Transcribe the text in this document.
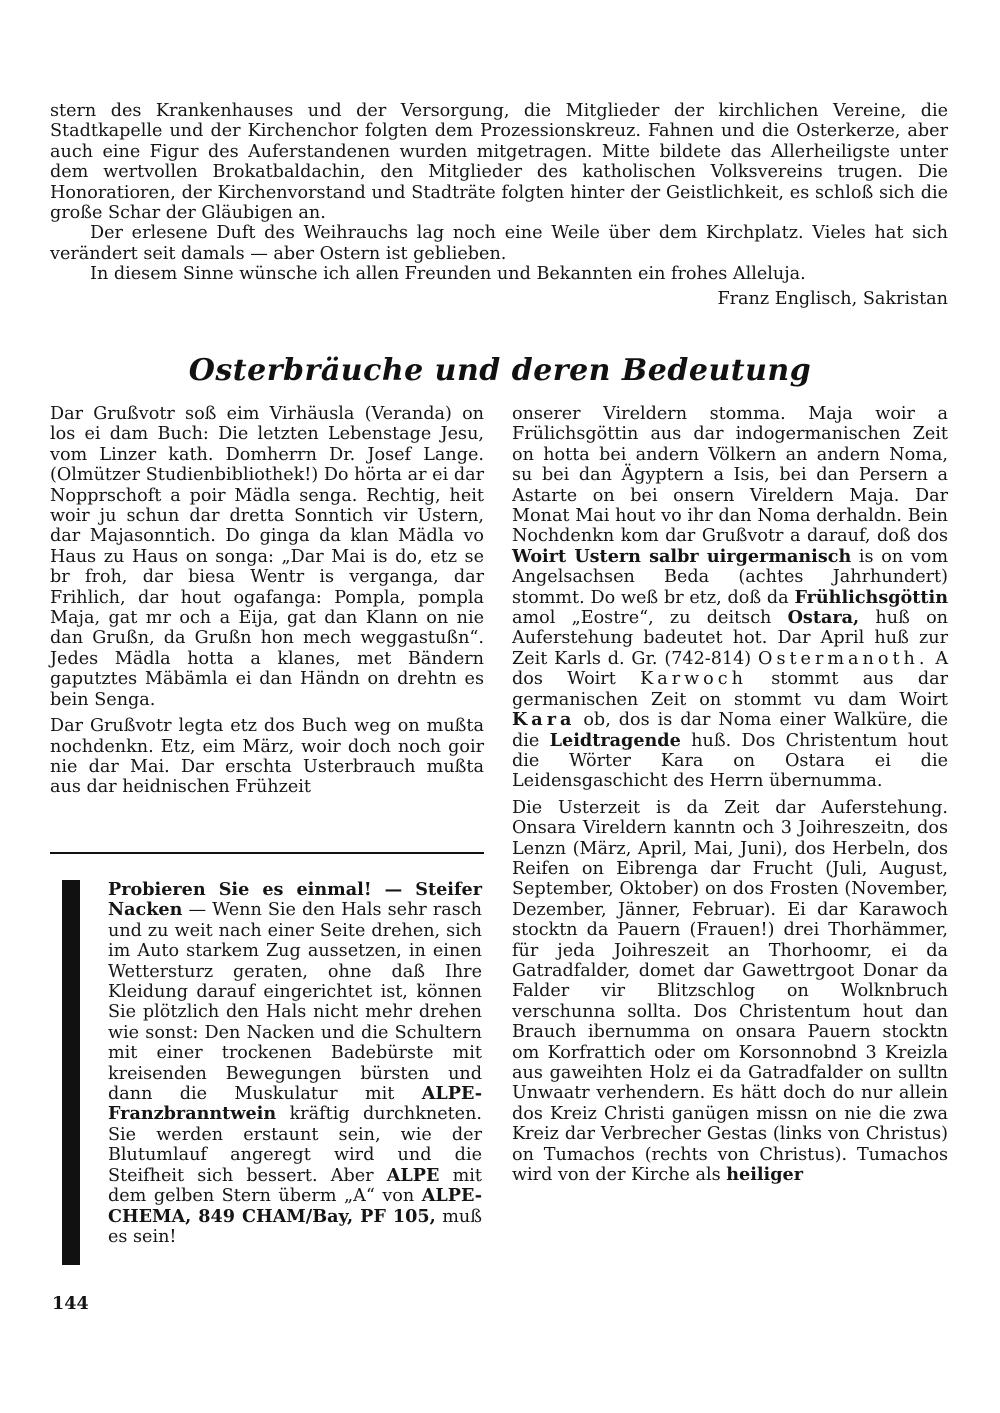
stern des Krankenhauses und der Versorgung, die Mitglieder der kirchlichen Vereine, die Stadtkapelle und der Kirchenchor folgten dem Prozessionskreuz. Fahnen und die Osterkerze, aber auch eine Figur des Auferstandenen wurden mitgetragen. Mitte bildete das Allerheiligste unter dem wertvollen Brokatbaldachin, den Mitglieder des katholischen Volksvereins trugen. Die Honoratioren, der Kirchenvorstand und Stadträte folgten hinter der Geistlichkeit, es schloß sich die große Schar der Gläubigen an.

Der erlesene Duft des Weihrauchs lag noch eine Weile über dem Kirchplatz. Vieles hat sich verändert seit damals — aber Ostern ist geblieben.

In diesem Sinne wünsche ich allen Freunden und Bekannten ein frohes Alleluja.

Franz Englisch, Sakristan

Osterbräuche und deren Bedeutung

Dar Grußvotr soß eim Virhäusla (Veranda) on los ei dam Buch: Die letzten Lebenstage Jesu, vom Linzer kath. Domherrn Dr. Josef Lange. (Olmützer Studienbibliothek!) Do hörta ar ei dar Nopprschoft a poir Mädla senga. Rechtig, heit woir ju schun dar dretta Sonntich vir Ustern, dar Majasonntich. Do ginga da klan Mädla vo Haus zu Haus on songa: „Dar Mai is do, etz se br froh, dar biesa Wentr is verganga, dar Frihlich, dar hout ogafanga: Pompla, pompla Maja, gat mr och a Eija, gat dan Klann on nie dan Grußn, da Grußn hon mech weggastußn“. Jedes Mädla hotta a klanes, met Bändern gaputztes Mäbämla ei dan Händn on drehtn es bein Senga.

Dar Grußvotr legta etz dos Buch weg on mußta nochdenkn. Etz, eim März, woir doch noch goir nie dar Mai. Dar erschta Usterbrauch mußta aus dar heidnischen Frühzeit

Probieren Sie es einmal! — Steifer Nacken — Wenn Sie den Hals sehr rasch und zu weit nach einer Seite drehen, sich im Auto starkem Zug aussetzen, in einen Wettersturz geraten, ohne daß Ihre Kleidung darauf eingerichtet ist, können Sie plötzlich den Hals nicht mehr drehen wie sonst: Den Nacken und die Schultern mit einer trockenen Badebürste mit kreisenden Bewegungen bürsten und dann die Muskulatur mit ALPE-Franzbranntwein kräftig durchkneten. Sie werden erstaunt sein, wie der Blutumlauf angeregt wird und die Steifheit sich bessert. Aber ALPE mit dem gelben Stern überm „A“ von ALPE-CHEMA, 849 CHAM/Bay, PF 105, muß es sein!

onserer Vireldern stomma. Maja woir a Frülichsgöttin aus dar indogermanischen Zeit on hotta bei andern Völkern an andern Noma, su bei dan Ägyptern a Isis, bei dan Persern a Astarte on bei onsern Vireldern Maja. Dar Monat Mai hout vo ihr dan Noma derhaldn. Bein Nochdenkn kom dar Grußvotr a darauf, doß dos Woirt Ustern salbr uirgermanisch is on vom Angelsachsen Beda (achtes Jahrhundert) stommt. Do weß br etz, doß da Frühlichsgöttin amol „Eostre“, zu deitsch Ostara, huß on Auferstehung badeutet hot. Dar April huß zur Zeit Karls d. Gr. (742-814) Ostermanoth. A dos Woirt Karwoch stommt aus dar germanischen Zeit on stommt vu dam Woirt Kara ob, dos is dar Noma einer Walküre, die die Leidtragende huß. Dos Christentum hout die Wörter Kara on Ostara ei die Leidensgaschicht des Herrn übernumma.

Die Usterzeit is da Zeit dar Auferstehung. Onsara Vireldern kanntn och 3 Joihreszeitn, dos Lenzn (März, April, Mai, Juni), dos Herbeln, dos Reifen on Eibrenga dar Frucht (Juli, August, September, Oktober) on dos Frosten (November, Dezember, Jänner, Februar). Ei dar Karawoch stocktn da Pauern (Frauen!) drei Thorhämmer, für jeda Joihreszeit an Thorhoomr, ei da Gatradfalder, domet dar Gawettrgoot Donar da Falder vir Blitzschlog on Wolknbruch verschunna sollta. Dos Christentum hout dan Brauch ibernumma on onsara Pauern stocktn om Korfrattich oder om Korsonnobnd 3 Kreizla aus gaweihten Holz ei da Gatradfalder on sulltn Unwaatr verhendern. Es hätt doch do nur allein dos Kreiz Christi ganügen missn on nie die zwa Kreiz dar Verbrecher Gestas (links von Christus) on Tumachos (rechts von Christus). Tumachos wird von der Kirche als heiliger

144
